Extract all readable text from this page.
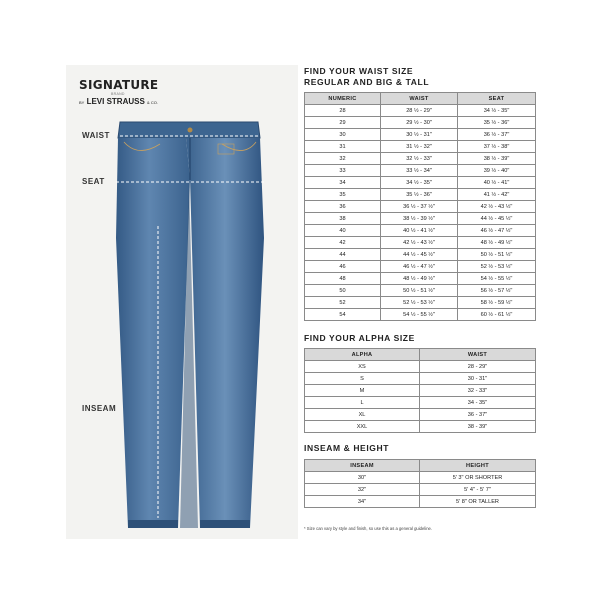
SIGNATURE
BRAND
BY LEVI STRAUSS & CO.
WAIST
SEAT
INSEAM
FIND YOUR WAIST SIZE
REGULAR AND BIG & TALL
NUMERIC	WAIST	SEAT
28	28 ½ - 29"	34 ½ - 35"
29	29 ½ - 30"	35 ½ - 36"
30	30 ½ - 31"	36 ½ - 37"
31	31 ½ - 32"	37 ½ - 38"
32	32 ½ - 33"	38 ½ - 39"
33	33 ½ - 34"	39 ½ - 40"
34	34 ½ - 35"	40 ½ - 41"
35	35 ½ - 36"	41 ½ - 42"
36	36 ½ - 37 ½"	42 ½ - 43 ½"
38	38 ½ - 39 ½"	44 ½ - 45 ½"
40	40 ½ - 41 ½"	46 ½ - 47 ½"
42	42 ½ - 43 ½"	48 ½ - 49 ½"
44	44 ½ - 45 ½"	50 ½ - 51 ½"
46	46 ½ - 47 ½"	52 ½ - 53 ½"
48	48 ½ - 49 ½"	54 ½ - 55 ½"
50	50 ½ - 51 ½"	56 ½ - 57 ½"
52	52 ½ - 53 ½"	58 ½ - 59 ½"
54	54 ½ - 55 ½"	60 ½ - 61 ½"
FIND YOUR ALPHA SIZE
ALPHA	WAIST
XS	28 - 29"
S	30 - 31"
M	32 - 33"
L	34 - 35"
XL	36 - 37"
XXL	38 - 39"
INSEAM & HEIGHT
INSEAM	HEIGHT
30"	5' 3" OR SHORTER
32"	5' 4" - 5' 7"
34"	5' 8" OR TALLER
* Size can vary by style and finish, so use this as a general guideline.
